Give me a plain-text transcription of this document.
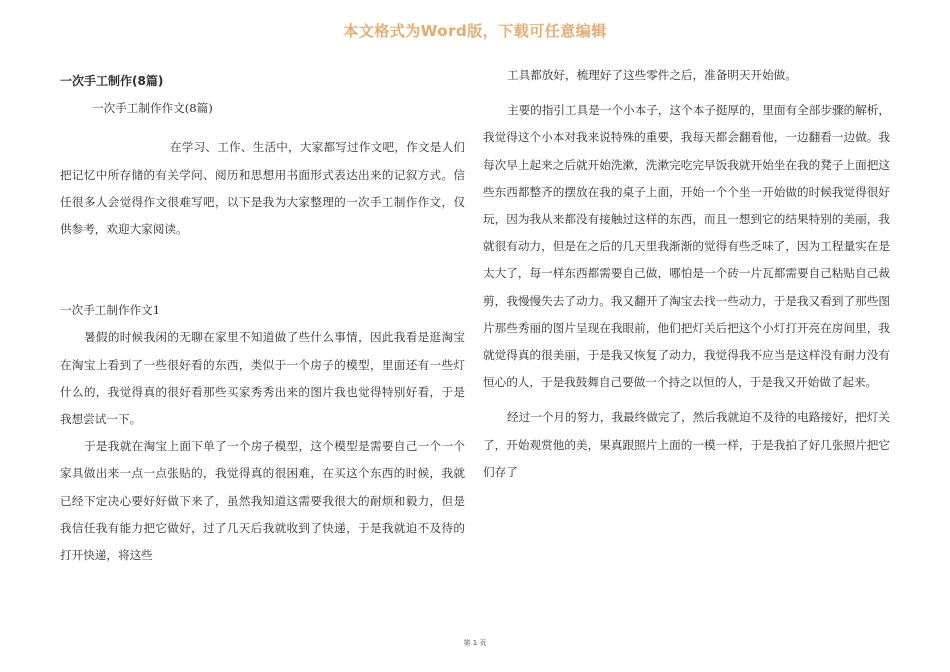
本文格式为Word版，下载可任意编辑

一次手工制作(8篇)

一次手工制作作文(8篇)

在学习、工作、生活中，大家都写过作文吧，作文是人们把记忆中所存储的有关学问、阅历和思想用书面形式表达出来的记叙方式。信任很多人会觉得作文很难写吧，以下是我为大家整理的一次手工制作作文，仅供参考，欢迎大家阅读。

一次手工制作作文1

暑假的时候我闲的无聊在家里不知道做了些什么事情，因此我看是逛淘宝在淘宝上看到了一些很好看的东西，类似于一个房子的模型，里面还有一些灯什么的，我觉得真的很好看那些买家秀秀出来的图片我也觉得特别好看，于是我想尝试一下。

于是我就在淘宝上面下单了一个房子模型，这个模型是需要自己一个一个家具做出来一点一点张贴的，我觉得真的很困难，在买这个东西的时候，我就已经下定决心要好好做下来了，虽然我知道这需要我很大的耐烦和毅力，但是我信任我有能力把它做好，过了几天后我就收到了快递，于是我就迫不及待的打开快递，将这些

工具都放好，梳理好了这些零件之后，准备明天开始做。

主要的指引工具是一个小本子，这个本子挺厚的，里面有全部步骤的解析，我觉得这个小本对我来说特殊的重要，我每天都会翻看他，一边翻看一边做。我每次早上起来之后就开始洗漱，洗漱完吃完早饭我就开始坐在我的凳子上面把这些东西都整齐的摆放在我的桌子上面，开始一个个坐一开始做的时候我觉得很好玩，因为我从来都没有接触过这样的东西，而且一想到它的结果特别的美丽，我就很有动力，但是在之后的几天里我渐渐的觉得有些乏味了，因为工程量实在是太大了，每一样东西都需要自己做，哪怕是一个砖一片瓦都需要自己粘贴自己裁剪，我慢慢失去了动力。我又翻开了淘宝去找一些动力，于是我又看到了那些图片那些秀丽的图片呈现在我眼前，他们把灯关后把这个小灯打开亮在房间里，我就觉得真的很美丽，于是我又恢复了动力，我觉得我不应当是这样没有耐力没有恒心的人，于是我鼓舞自己要做一个持之以恒的人，于是我又开始做了起来。

经过一个月的努力，我最终做完了，然后我就迫不及待的电路接好，把灯关了，开始观赏他的美，果真跟照片上面的一模一样，于是我拍了好几张照片把它们存了

第 1 页
